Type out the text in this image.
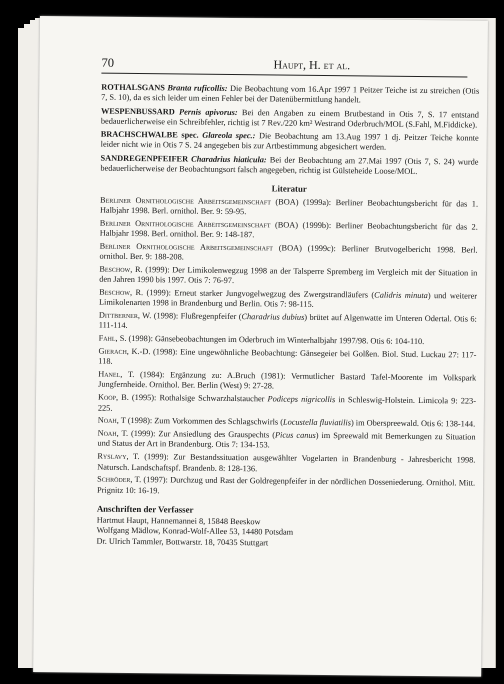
70	Haupt, H. et al.
ROTHALSGANS Branta ruficollis: Die Beobachtung vom 16.Apr 1997 1 Peitzer Teiche ist zu streichen (Otis 7, S. 10), da es sich leider um einen Fehler bei der Datenübermittlung handelt.
WESPENBUSSARD Pernis apivorus: Bei den Angaben zu einem Brutbestand in Otis 7, S. 17 entstand bedauerlicherweise ein Schreibfehler, richtig ist 7 Rev./220 km² Westrand Oderbruch/MOL (S.Fahl, M.Fiddicke).
BRACHSCHWALBE spec. Glareola spec.: Die Beobachtung am 13.Aug 1997 1 dj. Peitzer Teiche konnte leider nicht wie in Otis 7 S. 24 angegeben bis zur Artbestimmung abgesichert werden.
SANDREGENPFEIFER Charadrius hiaticula: Bei der Beobachtung am 27.Mai 1997 (Otis 7, S. 24) wurde bedauerlicherweise der Beobachtungsort falsch angegeben, richtig ist Gülsteheide Loose/MOL.
Literatur
Berliner Ornithologische Arbeitsgemeinschaft (BOA) (1999a): Berliner Beobachtungsbericht für das 1. Halbjahr 1998. Berl. ornithol. Ber. 9: 59-95.
Berliner Ornithologische Arbeitsgemeinschaft (BOA) (1999b): Berliner Beobachtungsbericht für das 2. Halbjahr 1998. Berl. ornithol. Ber. 9: 148-187.
Berliner Ornithologische Arbeitsgemeinschaft (BOA) (1999c): Berliner Brutvogelbericht 1998. Berl. ornithol. Ber. 9: 188-208.
Beschow, R. (1999): Der Limikolenwegzug 1998 an der Talsperre Spremberg im Vergleich mit der Situation in den Jahren 1990 bis 1997. Otis 7: 76-97.
Beschow, R. (1999): Erneut starker Jungvogelwegzug des Zwergstrandläufers (Calidris minuta) und weiterer Limikolenarten 1998 in Brandenburg und Berlin. Otis 7: 98-115.
Dittberner, W. (1998): Flußregenpfeifer (Charadrius dubius) brütet auf Algenwatte im Unteren Odertal. Otis 6: 111-114.
Fahl, S. (1998): Gänsebeobachtungen im Oderbruch im Winterhalbjahr 1997/98. Otis 6: 104-110.
Gierach, K.-D. (1998): Eine ungewöhnliche Beobachtung: Gänsegeier bei Golßen. Biol. Stud. Luckau 27: 117-118.
Hanel, T. (1984): Ergänzung zu: A.Bruch (1981): Vermutlicher Bastard Tafel-Moorente im Volkspark Jungfernheide. Ornithol. Ber. Berlin (West) 9: 27-28.
Koop, B. (1995): Rothalsige Schwarzhalstaucher Podiceps nigricollis in Schleswig-Holstein. Limicola 9: 223-225.
Noah, T (1998): Zum Vorkommen des Schlagschwirls (Locustella fluviatilis) im Oberspreewald. Otis 6: 138-144.
Noah, T. (1999): Zur Ansiedlung des Grauspechts (Picus canus) im Spreewald mit Bemerkungen zu Situation und Status der Art in Brandenburg. Otis 7: 134-153.
Ryslavy, T. (1999): Zur Bestandssituation ausgewählter Vogelarten in Brandenburg - Jahresbericht 1998. Natursch. Landschaftspf. Brandenb. 8: 128-136.
Schröder, T. (1997): Durchzug und Rast der Goldregenpfeifer in der nördlichen Dosseniederung. Ornithol. Mitt. Prignitz 10: 16-19.
Anschriften der Verfasser
Hartmut Haupt, Hannemannei 8, 15848 Beeskow
Wolfgang Mädlow, Konrad-Wolf-Allee 53, 14480 Potsdam
Dr. Ulrich Tammler, Bottwarstr. 18, 70435 Stuttgart
